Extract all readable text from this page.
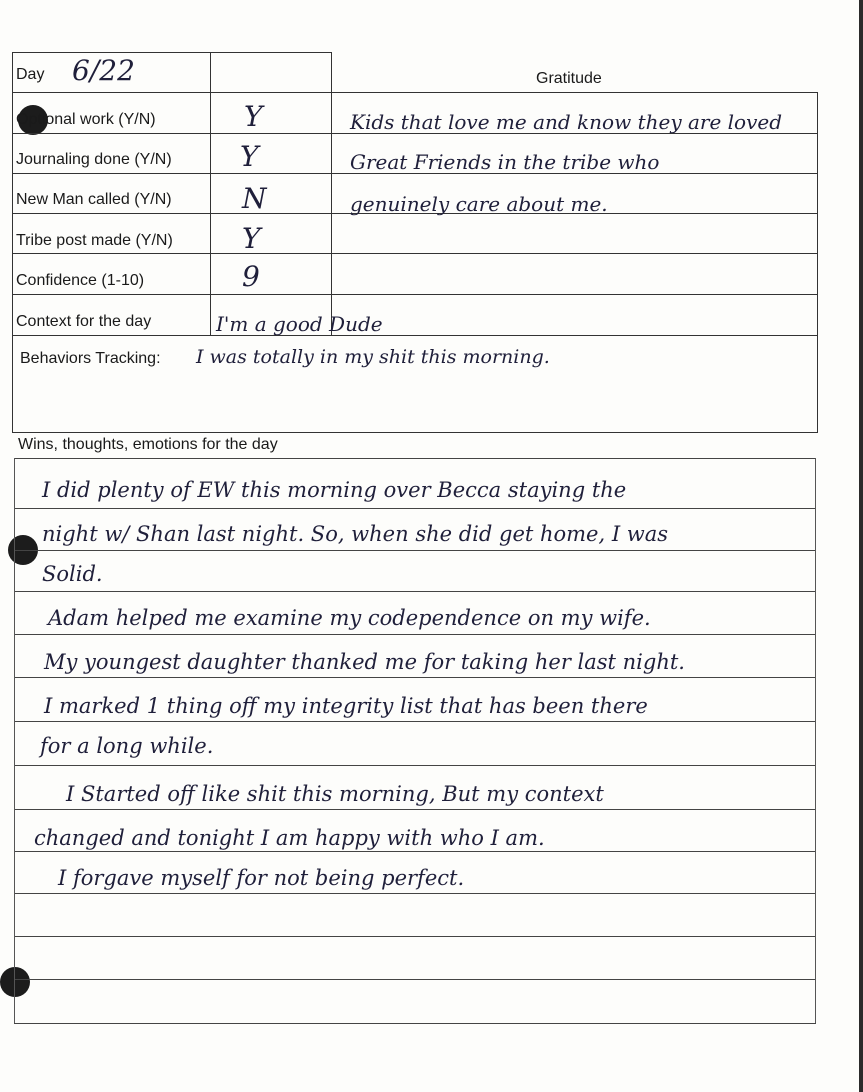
Day
Optional work (Y/N)
Journaling done (Y/N)
New Man called (Y/N)
Tribe post made (Y/N)
Confidence (1-10)
Context for the day
6/22
Y
Y
N
Y
9
I'm a good Dude
Gratitude
Kids that love me and know they are loved
Great Friends in the tribe who
genuinely care about me.
Behaviors Tracking: I was totally in my shit this morning.
Wins, thoughts, emotions for the day
I did plenty of EW this morning over Becca staying the
night w/ Shan last night. So, when she did get home, I was
Solid.
Adam helped me examine my codependence on my wife.
My youngest daughter thanked me for taking her last night.
I marked 1 thing off my integrity list that has been there
for a long while.
I Started off like shit this morning, But my context
changed and tonight I am happy with who I am.
I forgave myself for not being perfect.
